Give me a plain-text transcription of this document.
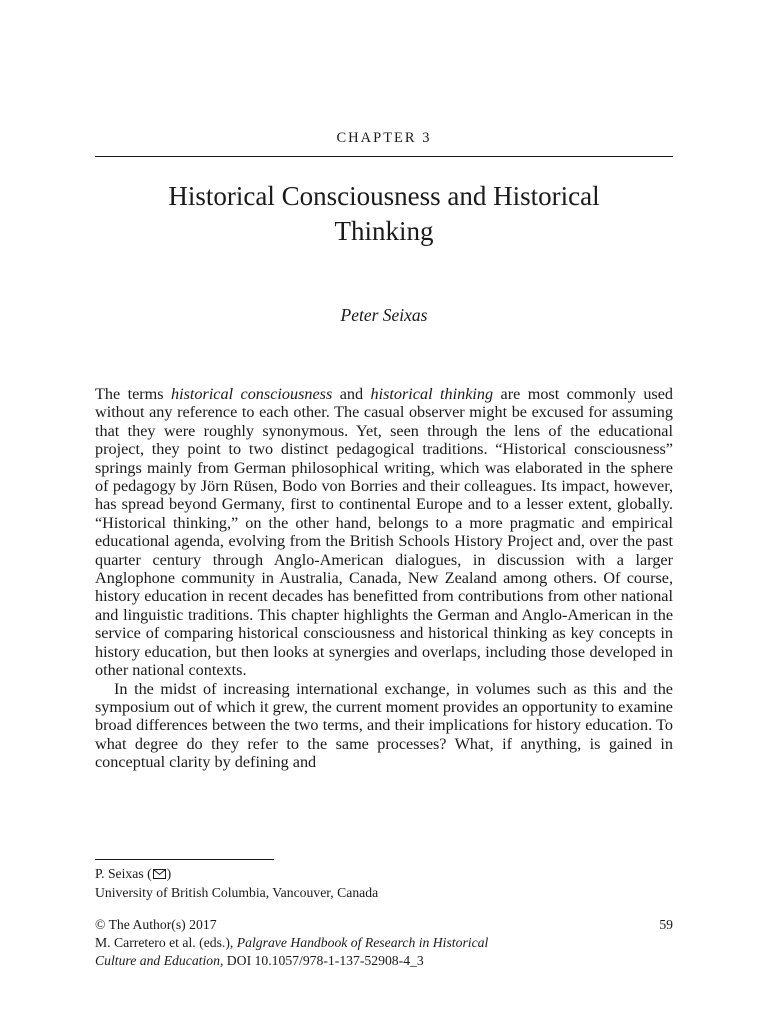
CHAPTER 3
Historical Consciousness and Historical
Thinking
Peter Seixas

The terms historical consciousness and historical thinking are most commonly used without any reference to each other. The casual observer might be excused for assuming that they were roughly synonymous. Yet, seen through the lens of the educational project, they point to two distinct pedagogical traditions. “Historical consciousness” springs mainly from German philosophical writing, which was elaborated in the sphere of pedagogy by Jörn Rüsen, Bodo von Borries and their colleagues. Its impact, however, has spread beyond Germany, first to continental Europe and to a lesser extent, globally. “Historical thinking,” on the other hand, belongs to a more pragmatic and empirical educational agenda, evolving from the British Schools History Project and, over the past quarter century through Anglo-American dialogues, in discussion with a larger Anglophone community in Australia, Canada, New Zealand among others. Of course, history education in recent decades has benefitted from contributions from other national and linguistic traditions. This chapter highlights the German and Anglo-American in the service of comparing historical consciousness and historical thinking as key concepts in history education, but then looks at synergies and overlaps, including those developed in other national contexts.

In the midst of increasing international exchange, in volumes such as this and the symposium out of which it grew, the current moment provides an opportunity to examine broad differences between the two terms, and their implications for history education. To what degree do they refer to the same processes? What, if anything, is gained in conceptual clarity by defining and

P. Seixas ( )
University of British Columbia, Vancouver, Canada
© The Author(s) 2017
M. Carretero et al. (eds.), Palgrave Handbook of Research in Historical
Culture and Education, DOI 10.1057/978-1-137-52908-4_3
59
